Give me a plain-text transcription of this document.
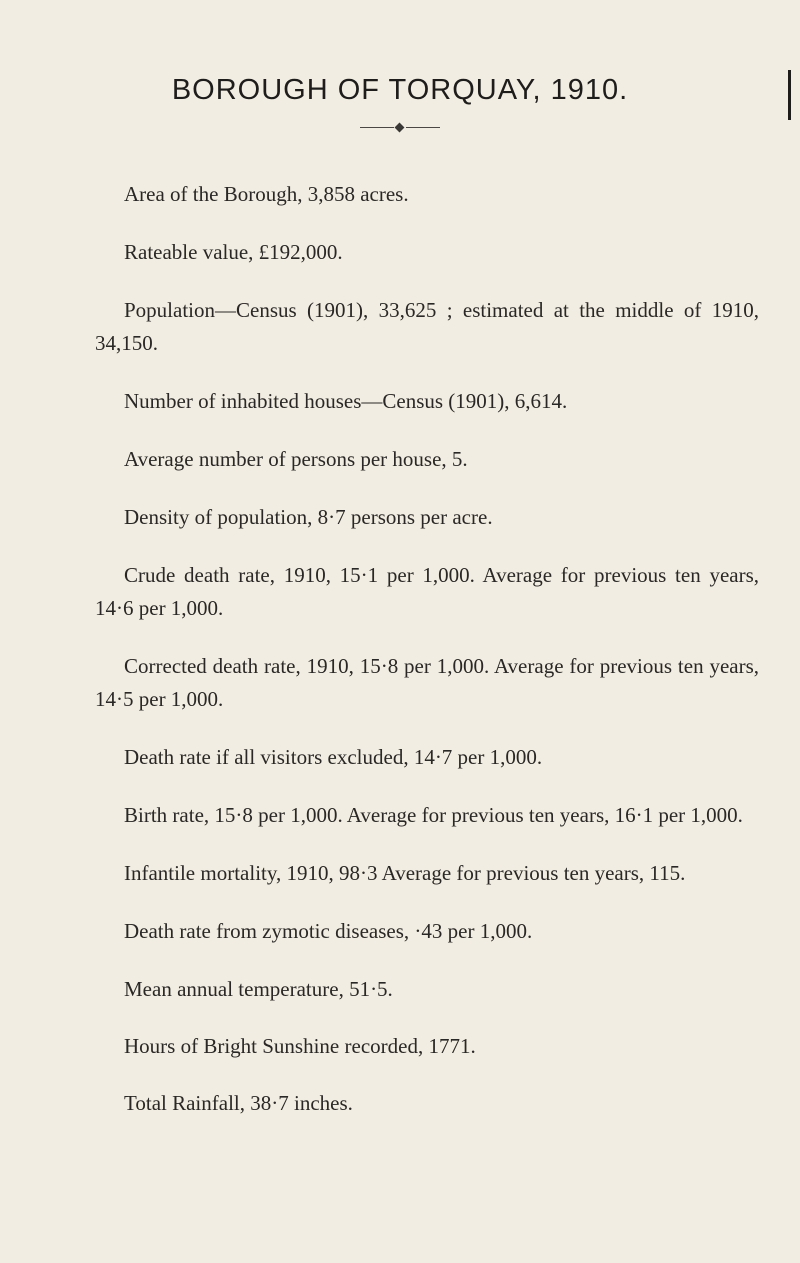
BOROUGH OF TORQUAY, 1910.

Area of the Borough, 3,858 acres.

Rateable value, £192,000.

Population—Census (1901), 33,625 ; estimated at the middle of 1910, 34,150.

Number of inhabited houses—Census (1901), 6,614.

Average number of persons per house, 5.

Density of population, 8·7 persons per acre.

Crude death rate, 1910, 15·1 per 1,000. Average for previous ten years, 14·6 per 1,000.

Corrected death rate, 1910, 15·8 per 1,000. Average for previous ten years, 14·5 per 1,000.

Death rate if all visitors excluded, 14·7 per 1,000.

Birth rate, 15·8 per 1,000. Average for previous ten years, 16·1 per 1,000.

Infantile mortality, 1910, 98·3 Average for previous ten years, 115.

Death rate from zymotic diseases, ·43 per 1,000.

Mean annual temperature, 51·5.

Hours of Bright Sunshine recorded, 1771.

Total Rainfall, 38·7 inches.
